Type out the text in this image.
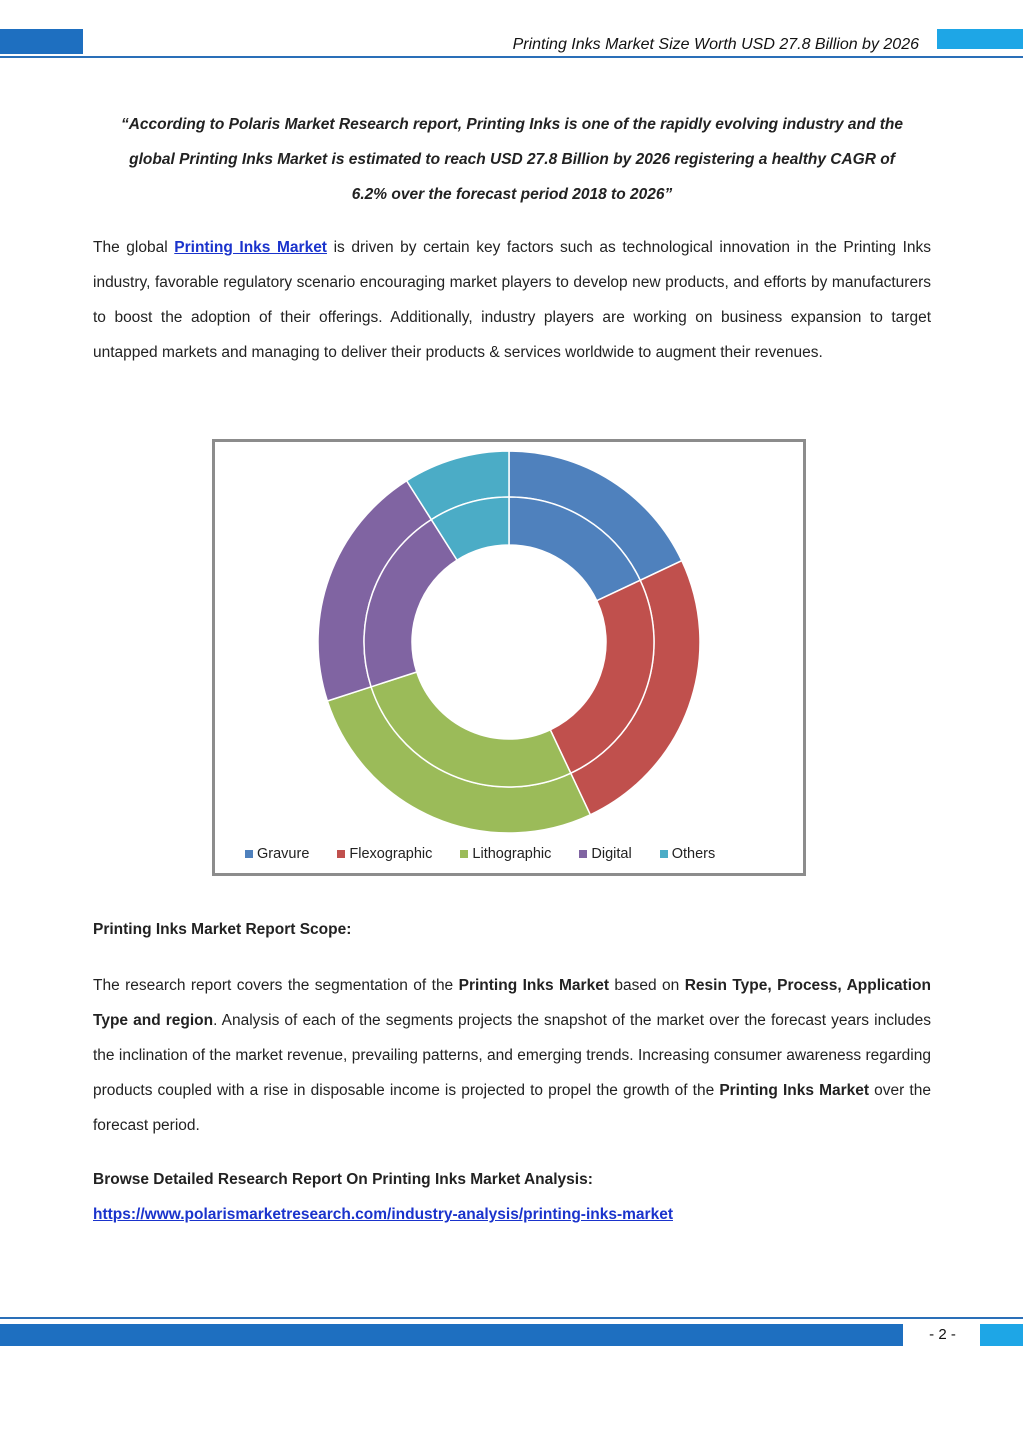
Printing Inks Market Size Worth USD 27.8 Billion by 2026
“According to Polaris Market Research report, Printing Inks is one of the rapidly evolving industry and the
global Printing Inks Market is estimated to reach USD 27.8 Billion by 2026 registering a healthy CAGR of
6.2% over the forecast period 2018 to 2026”
The global Printing Inks Market is driven by certain key factors such as technological innovation in the Printing Inks industry, favorable regulatory scenario encouraging market players to develop new products, and efforts by manufacturers to boost the adoption of their offerings. Additionally, industry players are working on business expansion to target untapped markets and managing to deliver their products & services worldwide to augment their revenues.
Gravure	Flexographic	Lithographic	Digital	Others
Printing Inks Market Report Scope:
The research report covers the segmentation of the Printing Inks Market based on Resin Type, Process, Application Type and region. Analysis of each of the segments projects the snapshot of the market over the forecast years includes the inclination of the market revenue, prevailing patterns, and emerging trends. Increasing consumer awareness regarding products coupled with a rise in disposable income is projected to propel the growth of the Printing Inks Market over the forecast period.
Browse Detailed Research Report On Printing Inks Market Analysis:
https://www.polarismarketresearch.com/industry-analysis/printing-inks-market
- 2 -
